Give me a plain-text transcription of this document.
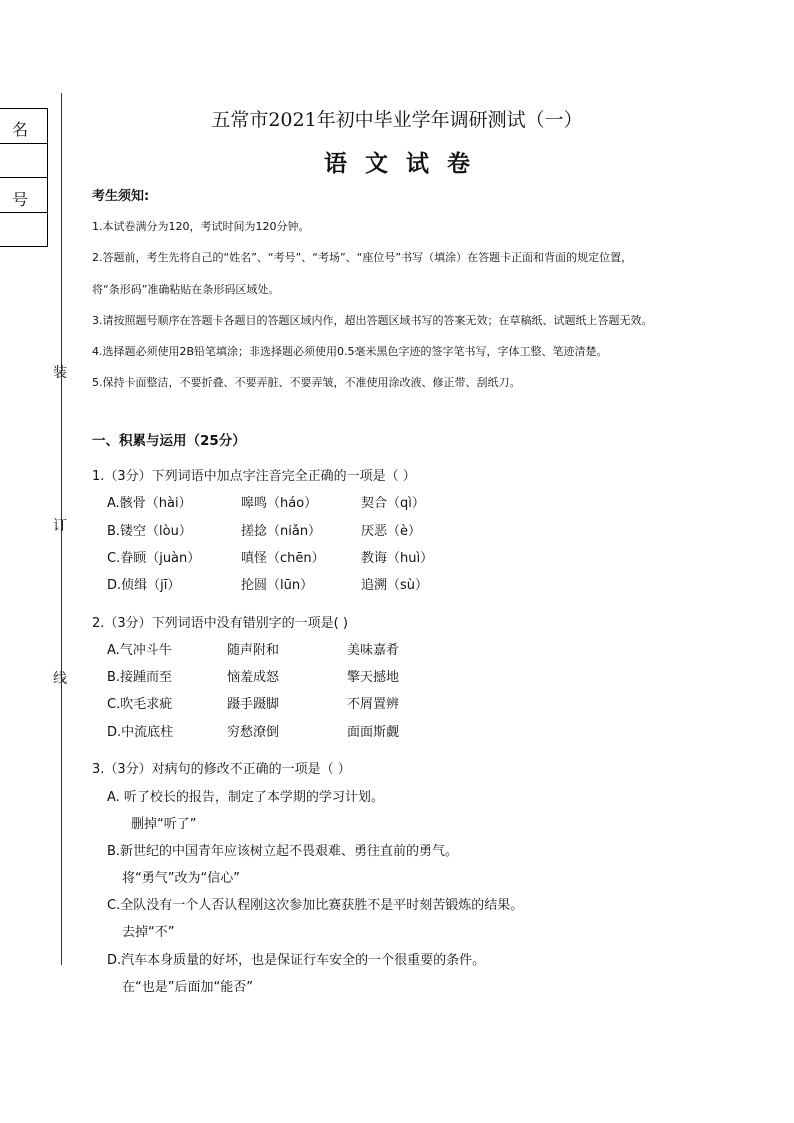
名
号
装
订
线
五常市2021年初中毕业学年调研测试（一）
语文试卷
考生须知:
1.本试卷满分为120，考试时间为120分钟。
2.答题前，考生先将自己的“姓名”、“考号”、“考场”、“座位号”书写（填涂）在答题卡正面和背面的规定位置，
将“条形码”准确粘贴在条形码区域处。
3.请按照题号顺序在答题卡各题目的答题区域内作，超出答题区域书写的答案无效；在草稿纸、试题纸上答题无效。
4.选择题必须使用2B铅笔填涂；非选择题必须使用0.5毫米黑色字迹的签字笔书写，字体工整、笔迹清楚。
5.保持卡面整洁，不要折叠、不要弄脏、不要弄皱，不准使用涂改液、修正带、刮纸刀。
一、积累与运用（25分）
1.（3分）下列词语中加点字注音完全正确的一项是（ ）
A.骸骨（hài）	嗥鸣（háo）	契合（qì）
B.镂空（lòu）	搓捻（niǎn）	厌恶（è）
C.眷顾（juàn）	嗔怪（chēn）	教诲（huì）
D.侦缉（jī）	抡圆（lūn）	追溯（sù）
2.（3分）下列词语中没有错别字的一项是( )
A.气冲斗牛	随声附和	美味嘉肴
B.接踵而至	恼羞成怒	擎天撼地
C.吹毛求疵	蹑手蹑脚	不屑置辨
D.中流底柱	穷愁潦倒	面面斯觑
3.（3分）对病句的修改不正确的一项是（ ）
A. 听了校长的报告，制定了本学期的学习计划。
删掉“听了”
B.新世纪的中国青年应该树立起不畏艰难、勇往直前的勇气。
将“勇气”改为“信心”
C.全队没有一个人否认程刚这次参加比赛获胜不是平时刻苦锻炼的结果。
去掉“不”
D.汽车本身质量的好坏，也是保证行车安全的一个很重要的条件。
在“也是”后面加“能否”
